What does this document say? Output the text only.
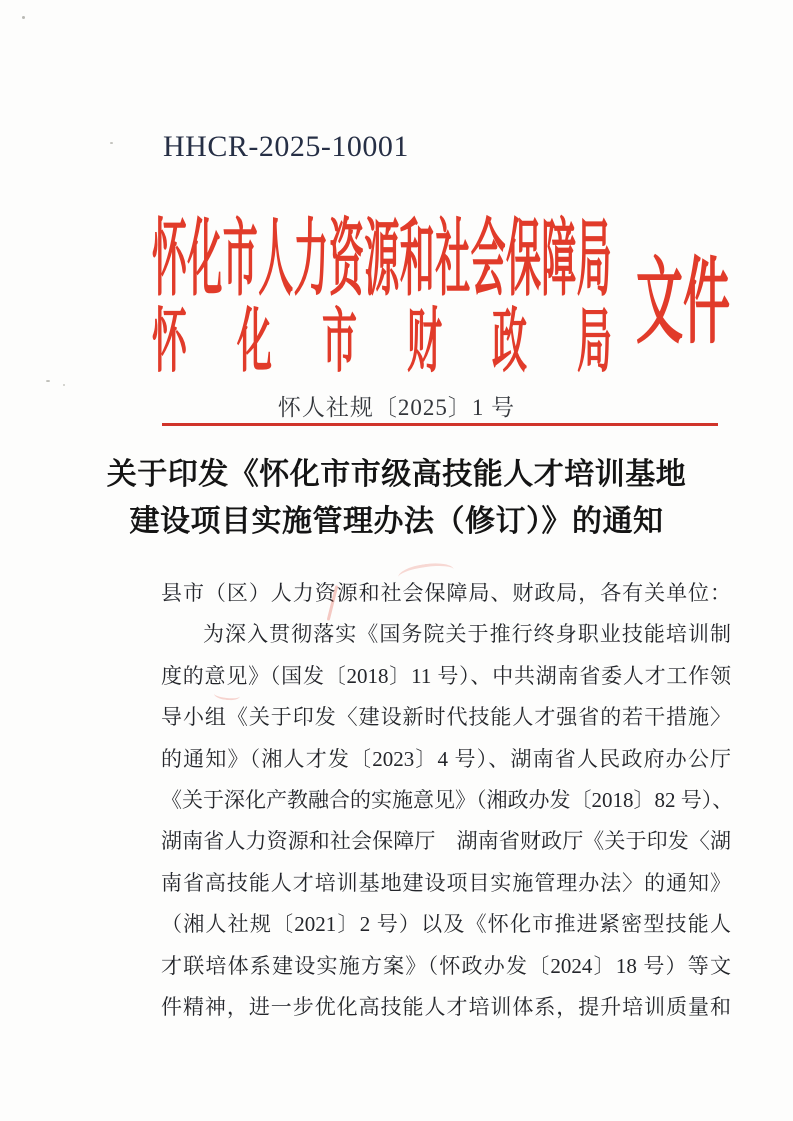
HHCR-2025-10001
怀化市人力资源和社会保障局
怀化市财政局
文件
怀人社规〔2025〕1 号
关于印发《怀化市市级高技能人才培训基地
建设项目实施管理办法（修订）》的通知
县市（区）人力资源和社会保障局、财政局，各有关单位：
为深入贯彻落实《国务院关于推行终身职业技能培训制
度的意见》（国发〔2018〕11 号）、中共湖南省委人才工作领
导小组《关于印发〈建设新时代技能人才强省的若干措施〉
的通知》（湘人才发〔2023〕4 号）、湖南省人民政府办公厅
《关于深化产教融合的实施意见》（湘政办发〔2018〕82 号）、
湖南省人力资源和社会保障厅　湖南省财政厅《关于印发〈湖
南省高技能人才培训基地建设项目实施管理办法〉的通知》
（湘人社规〔2021〕2 号）以及《怀化市推进紧密型技能人
才联培体系建设实施方案》（怀政办发〔2024〕18 号）等文
件精神，进一步优化高技能人才培训体系，提升培训质量和
